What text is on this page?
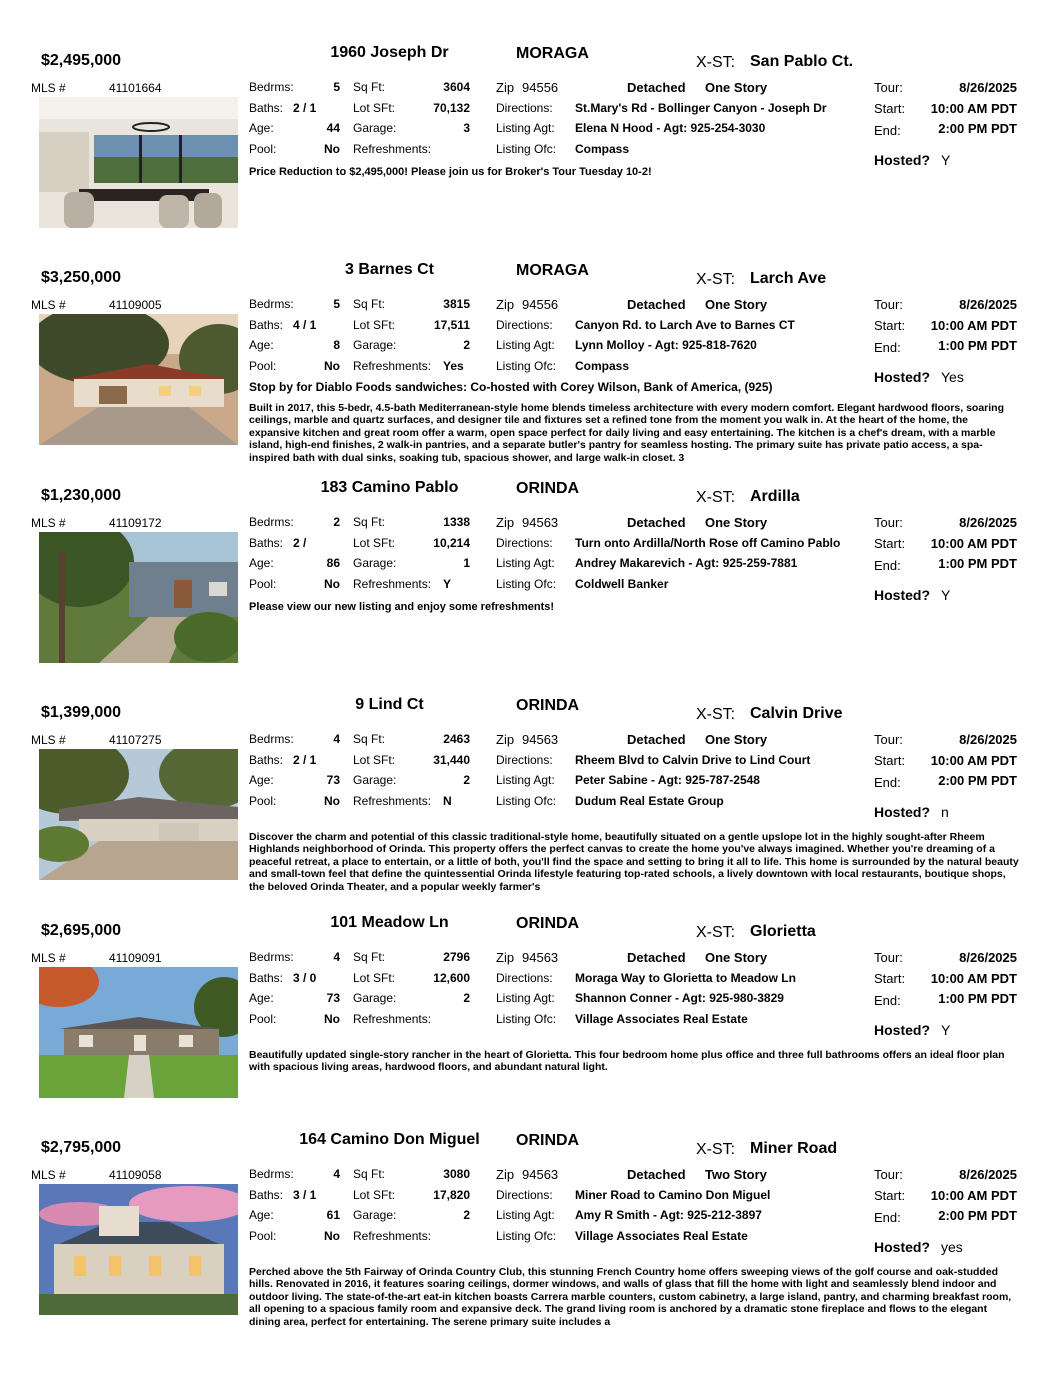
$2,495,000	1960 Joseph Dr	MORAGA
X-ST: San Pablo Ct.
MLS #	41101664	Bedrms:	5
Baths: 2 / 1
Age:	44
Pool:	No
Sq Ft:	3604
Lot SFt:	70,132
Garage:	3
Refreshments:
Zip 94556	Detached One Story
Directions: St.Mary's Rd - Bollinger Canyon - Joseph Dr
Listing Agt: Elena N Hood - Agt: 925-254-3030
Listing Ofc: Compass
Tour:	8/26/2025
Start:	10:00 AM PDT
End:	2:00 PM PDT
Hosted? Y
Price Reduction to $2,495,000! Please join us for Broker's Tour Tuesday 10-2!
$3,250,000	3 Barnes Ct	MORAGA
X-ST: Larch Ave
MLS #	41109005	Bedrms:	5
Baths: 4 / 1
Age:	8
Pool:	No
Sq Ft:	3815
Lot SFt:	17,511
Garage:	2
Refreshments: Yes
Zip 94556	Detached One Story
Directions: Canyon Rd. to Larch Ave to Barnes CT
Listing Agt: Lynn Molloy - Agt: 925-818-7620
Listing Ofc: Compass
Tour:	8/26/2025
Start:	10:00 AM PDT
End:	1:00 PM PDT
Hosted? Yes
Stop by for Diablo Foods sandwiches: Co-hosted with Corey Wilson, Bank of America, (925)
Built in 2017, this 5-bedr, 4.5-bath Mediterranean-style home blends timeless architecture with every modern comfort. Elegant hardwood floors, soaring ceilings, marble and quartz surfaces, and designer tile and fixtures set a refined tone from the moment you walk in. At the heart of the home, the expansive kitchen and great room offer a warm, open space perfect for daily living and easy entertaining. The kitchen is a chef's dream, with a marble island, high-end finishes, 2 walk-in pantries, and a separate butler's pantry for seamless hosting. The primary suite has private patio access, a spa-inspired bath with dual sinks, soaking tub, spacious shower, and large walk-in closet. 3
$1,230,000	183 Camino Pablo	ORINDA
X-ST: Ardilla
MLS #	41109172	Bedrms:	2
Baths: 2 /
Age:	86
Pool:	No
Sq Ft:	1338
Lot SFt:	10,214
Garage:	1
Refreshments: Y
Zip 94563	Detached One Story
Directions: Turn onto Ardilla/North Rose off Camino Pablo
Listing Agt: Andrey Makarevich - Agt: 925-259-7881
Listing Ofc: Coldwell Banker
Tour:	8/26/2025
Start:	10:00 AM PDT
End:	1:00 PM PDT
Hosted? Y
Please view our new listing and enjoy some refreshments!
$1,399,000	9 Lind Ct	ORINDA
X-ST: Calvin Drive
MLS #	41107275	Bedrms:	4
Baths: 2 / 1
Age:	73
Pool:	No
Sq Ft:	2463
Lot SFt:	31,440
Garage:	2
Refreshments: N
Zip 94563	Detached One Story
Directions: Rheem Blvd to Calvin Drive to Lind Court
Listing Agt: Peter Sabine - Agt: 925-787-2548
Listing Ofc: Dudum Real Estate Group
Tour:	8/26/2025
Start:	10:00 AM PDT
End:	2:00 PM PDT
Hosted? n
Discover the charm and potential of this classic traditional-style home, beautifully situated on a gentle upslope lot in the highly sought-after Rheem Highlands neighborhood of Orinda. This property offers the perfect canvas to create the home you've always imagined. Whether you're dreaming of a peaceful retreat, a place to entertain, or a little of both, you'll find the space and setting to bring it all to life. This home is surrounded by the natural beauty and small-town feel that define the quintessential Orinda lifestyle featuring top-rated schools, a lively downtown with local restaurants, boutique shops, the beloved Orinda Theater, and a popular weekly farmer's
$2,695,000	101 Meadow Ln	ORINDA
X-ST: Glorietta
MLS #	41109091	Bedrms:	4
Baths: 3 / 0
Age:	73
Pool:	No
Sq Ft:	2796
Lot SFt:	12,600
Garage:	2
Refreshments:
Zip 94563	Detached One Story
Directions: Moraga Way to Glorietta to Meadow Ln
Listing Agt: Shannon Conner - Agt: 925-980-3829
Listing Ofc: Village Associates Real Estate
Tour:	8/26/2025
Start:	10:00 AM PDT
End:	1:00 PM PDT
Hosted? Y
Beautifully updated single-story rancher in the heart of Glorietta. This four bedroom home plus office and three full bathrooms offers an ideal floor plan with spacious living areas, hardwood floors, and abundant natural light.
$2,795,000	164 Camino Don Miguel	ORINDA
X-ST: Miner Road
MLS #	41109058	Bedrms:	4
Baths: 3 / 1
Age:	61
Pool:	No
Sq Ft:	3080
Lot SFt:	17,820
Garage:	2
Refreshments:
Zip 94563	Detached Two Story
Directions: Miner Road to Camino Don Miguel
Listing Agt: Amy R Smith - Agt: 925-212-3897
Listing Ofc: Village Associates Real Estate
Tour:	8/26/2025
Start:	10:00 AM PDT
End:	2:00 PM PDT
Hosted? yes
Perched above the 5th Fairway of Orinda Country Club, this stunning French Country home offers sweeping views of the golf course and oak-studded hills. Renovated in 2016, it features soaring ceilings, dormer windows, and walls of glass that fill the home with light and seamlessly blend indoor and outdoor living. The state-of-the-art eat-in kitchen boasts Carrera marble counters, custom cabinetry, a large island, pantry, and charming breakfast room, all opening to a spacious family room and expansive deck. The grand living room is anchored by a dramatic stone fireplace and flows to the elegant dining area, perfect for entertaining. The serene primary suite includes a
